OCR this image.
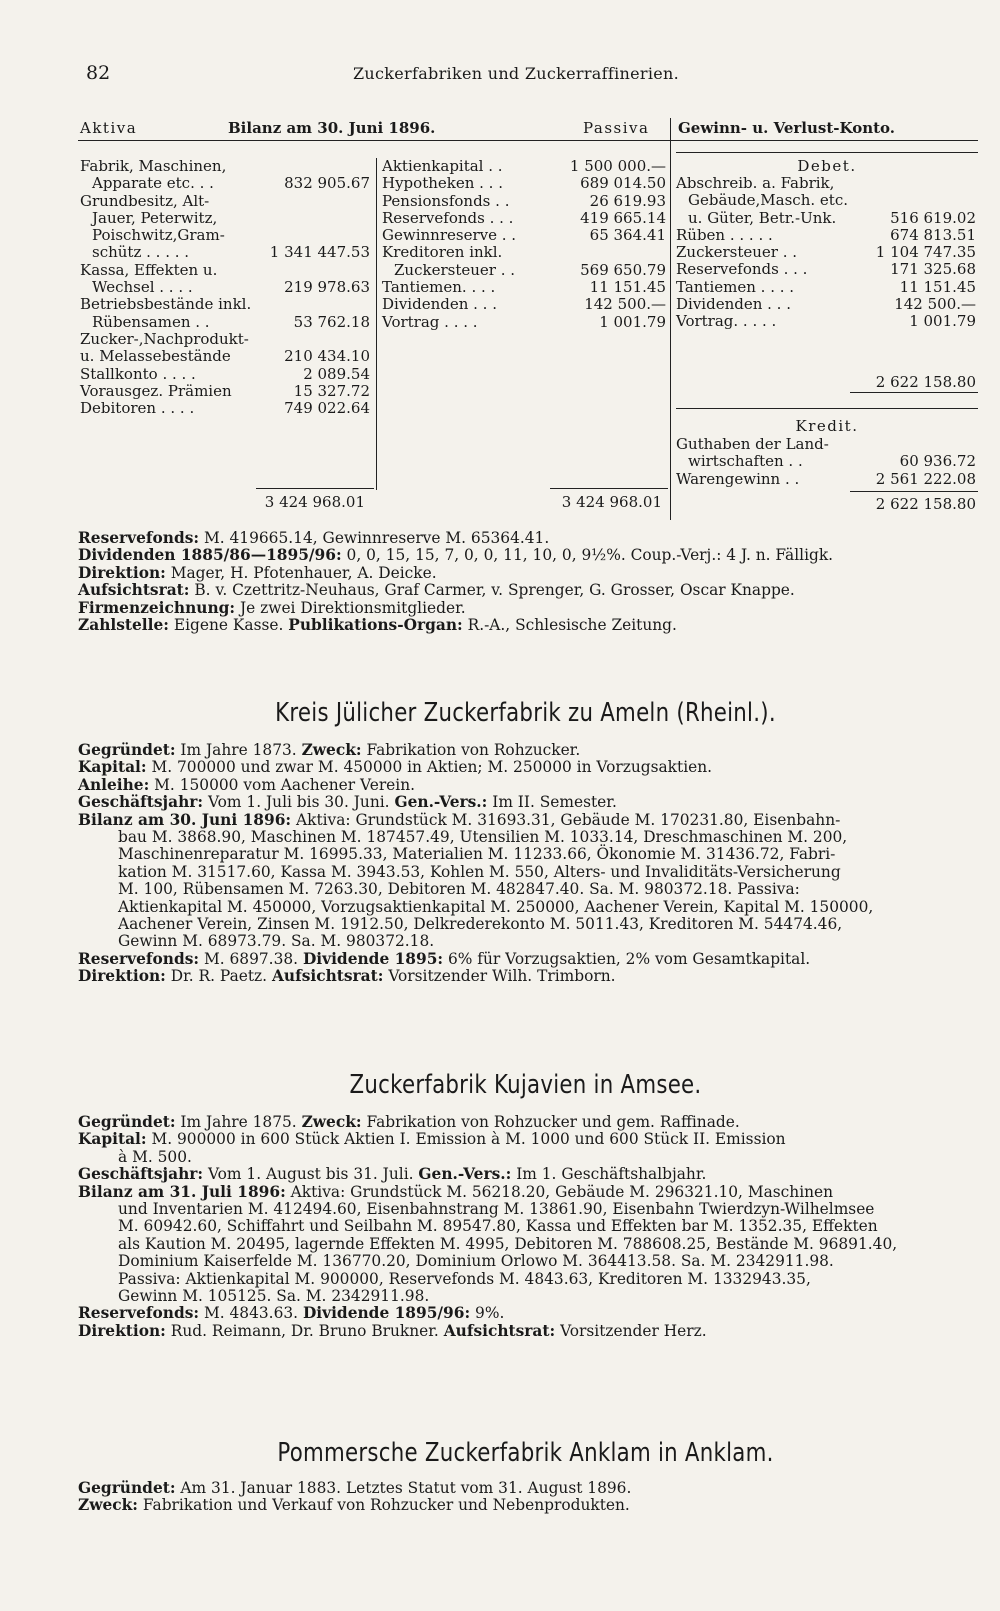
82	Zuckerfabriken und Zuckerraffinerien.
Aktiva	Bilanz am 30. Juni 1896.	Passiva Gewinn- u. Verlust-Konto.
Fabrik, Maschinen,
Apparate etc. . .	832 905.67
Grundbesitz, Alt-
Jauer, Peterwitz,
Poischwitz,Gram-
schütz . . . . .	1 341 447.53
Kassa, Effekten u.
Wechsel . . . .	219 978.63
Betriebsbestände inkl.
Rübensamen . .	53 762.18
Zucker-,Nachprodukt-
u. Melassebestände	210 434.10
Stallkonto . . . .	2 089.54
Vorausgez. Prämien	15 327.72
Debitoren . . . .	749 022.64
3 424 968.01
Aktienkapital . .	1 500 000.—
Hypotheken . . .	689 014.50
Pensionsfonds . .	26 619.93
Reservefonds . . .	419 665.14
Gewinnreserve . .	65 364.41
Kreditoren inkl.
Zuckersteuer . .	569 650.79
Tantiemen. . . .	11 151.45
Dividenden . . .	142 500.—
Vortrag . . . .	1 001.79
3 424 968.01
Debet.
Abschreib. a. Fabrik,
Gebäude,Masch. etc.
u. Güter, Betr.-Unk.	516 619.02
Rüben . . . . .	674 813.51
Zuckersteuer . .	1 104 747.35
Reservefonds . . .	171 325.68
Tantiemen . . . .	11 151.45
Dividenden . . .	142 500.—
Vortrag. . . . .	1 001.79
2 622 158.80
Kredit.
Guthaben der Land-
wirtschaften . .	60 936.72
Warengewinn . .	2 561 222.08
2 622 158.80

Reservefonds: M. 419665.14, Gewinnreserve M. 65364.41.

Dividenden 1885/86—1895/96: 0, 0, 15, 15, 7, 0, 0, 11, 10, 0, 9½%. Coup.-Verj.: 4 J. n. Fälligk.

Direktion: Mager, H. Pfotenhauer, A. Deicke.

Aufsichtsrat: B. v. Czettritz-Neuhaus, Graf Carmer, v. Sprenger, G. Grosser, Oscar Knappe.

Firmenzeichnung: Je zwei Direktionsmitglieder.

Zahlstelle: Eigene Kasse. Publikations-Organ: R.-A., Schlesische Zeitung.

Kreis Jülicher Zuckerfabrik zu Ameln (Rheinl.).

Gegründet: Im Jahre 1873. Zweck: Fabrikation von Rohzucker.

Kapital: M. 700000 und zwar M. 450000 in Aktien; M. 250000 in Vorzugsaktien.

Anleihe: M. 150000 vom Aachener Verein.

Geschäftsjahr: Vom 1. Juli bis 30. Juni. Gen.-Vers.: Im II. Semester.

Bilanz am 30. Juni 1896: Aktiva: Grundstück M. 31693.31, Gebäude M. 170231.80, Eisenbahn-

bau M. 3868.90, Maschinen M. 187457.49, Utensilien M. 1033.14, Dreschmaschinen M. 200,

Maschinenreparatur M. 16995.33, Materialien M. 11233.66, Ökonomie M. 31436.72, Fabri-

kation M. 31517.60, Kassa M. 3943.53, Kohlen M. 550, Alters- und Invaliditäts-Versicherung

M. 100, Rübensamen M. 7263.30, Debitoren M. 482847.40. Sa. M. 980372.18. Passiva:

Aktienkapital M. 450000, Vorzugsaktienkapital M. 250000, Aachener Verein, Kapital M. 150000,

Aachener Verein, Zinsen M. 1912.50, Delkrederekonto M. 5011.43, Kreditoren M. 54474.46,

Gewinn M. 68973.79. Sa. M. 980372.18.

Reservefonds: M. 6897.38. Dividende 1895: 6% für Vorzugsaktien, 2% vom Gesamtkapital.

Direktion: Dr. R. Paetz. Aufsichtsrat: Vorsitzender Wilh. Trimborn.

Zuckerfabrik Kujavien in Amsee.

Gegründet: Im Jahre 1875. Zweck: Fabrikation von Rohzucker und gem. Raffinade.

Kapital: M. 900000 in 600 Stück Aktien I. Emission à M. 1000 und 600 Stück II. Emission

à M. 500.

Geschäftsjahr: Vom 1. August bis 31. Juli. Gen.-Vers.: Im 1. Geschäftshalbjahr.

Bilanz am 31. Juli 1896: Aktiva: Grundstück M. 56218.20, Gebäude M. 296321.10, Maschinen

und Inventarien M. 412494.60, Eisenbahnstrang M. 13861.90, Eisenbahn Twierdzyn-Wilhelmsee

M. 60942.60, Schiffahrt und Seilbahn M. 89547.80, Kassa und Effekten bar M. 1352.35, Effekten

als Kaution M. 20495, lagernde Effekten M. 4995, Debitoren M. 788608.25, Bestände M. 96891.40,

Dominium Kaiserfelde M. 136770.20, Dominium Orlowo M. 364413.58. Sa. M. 2342911.98.

Passiva: Aktienkapital M. 900000, Reservefonds M. 4843.63, Kreditoren M. 1332943.35,

Gewinn M. 105125. Sa. M. 2342911.98.

Reservefonds: M. 4843.63. Dividende 1895/96: 9%.

Direktion: Rud. Reimann, Dr. Bruno Brukner. Aufsichtsrat: Vorsitzender Herz.

Pommersche Zuckerfabrik Anklam in Anklam.

Gegründet: Am 31. Januar 1883. Letztes Statut vom 31. August 1896.

Zweck: Fabrikation und Verkauf von Rohzucker und Nebenprodukten.
